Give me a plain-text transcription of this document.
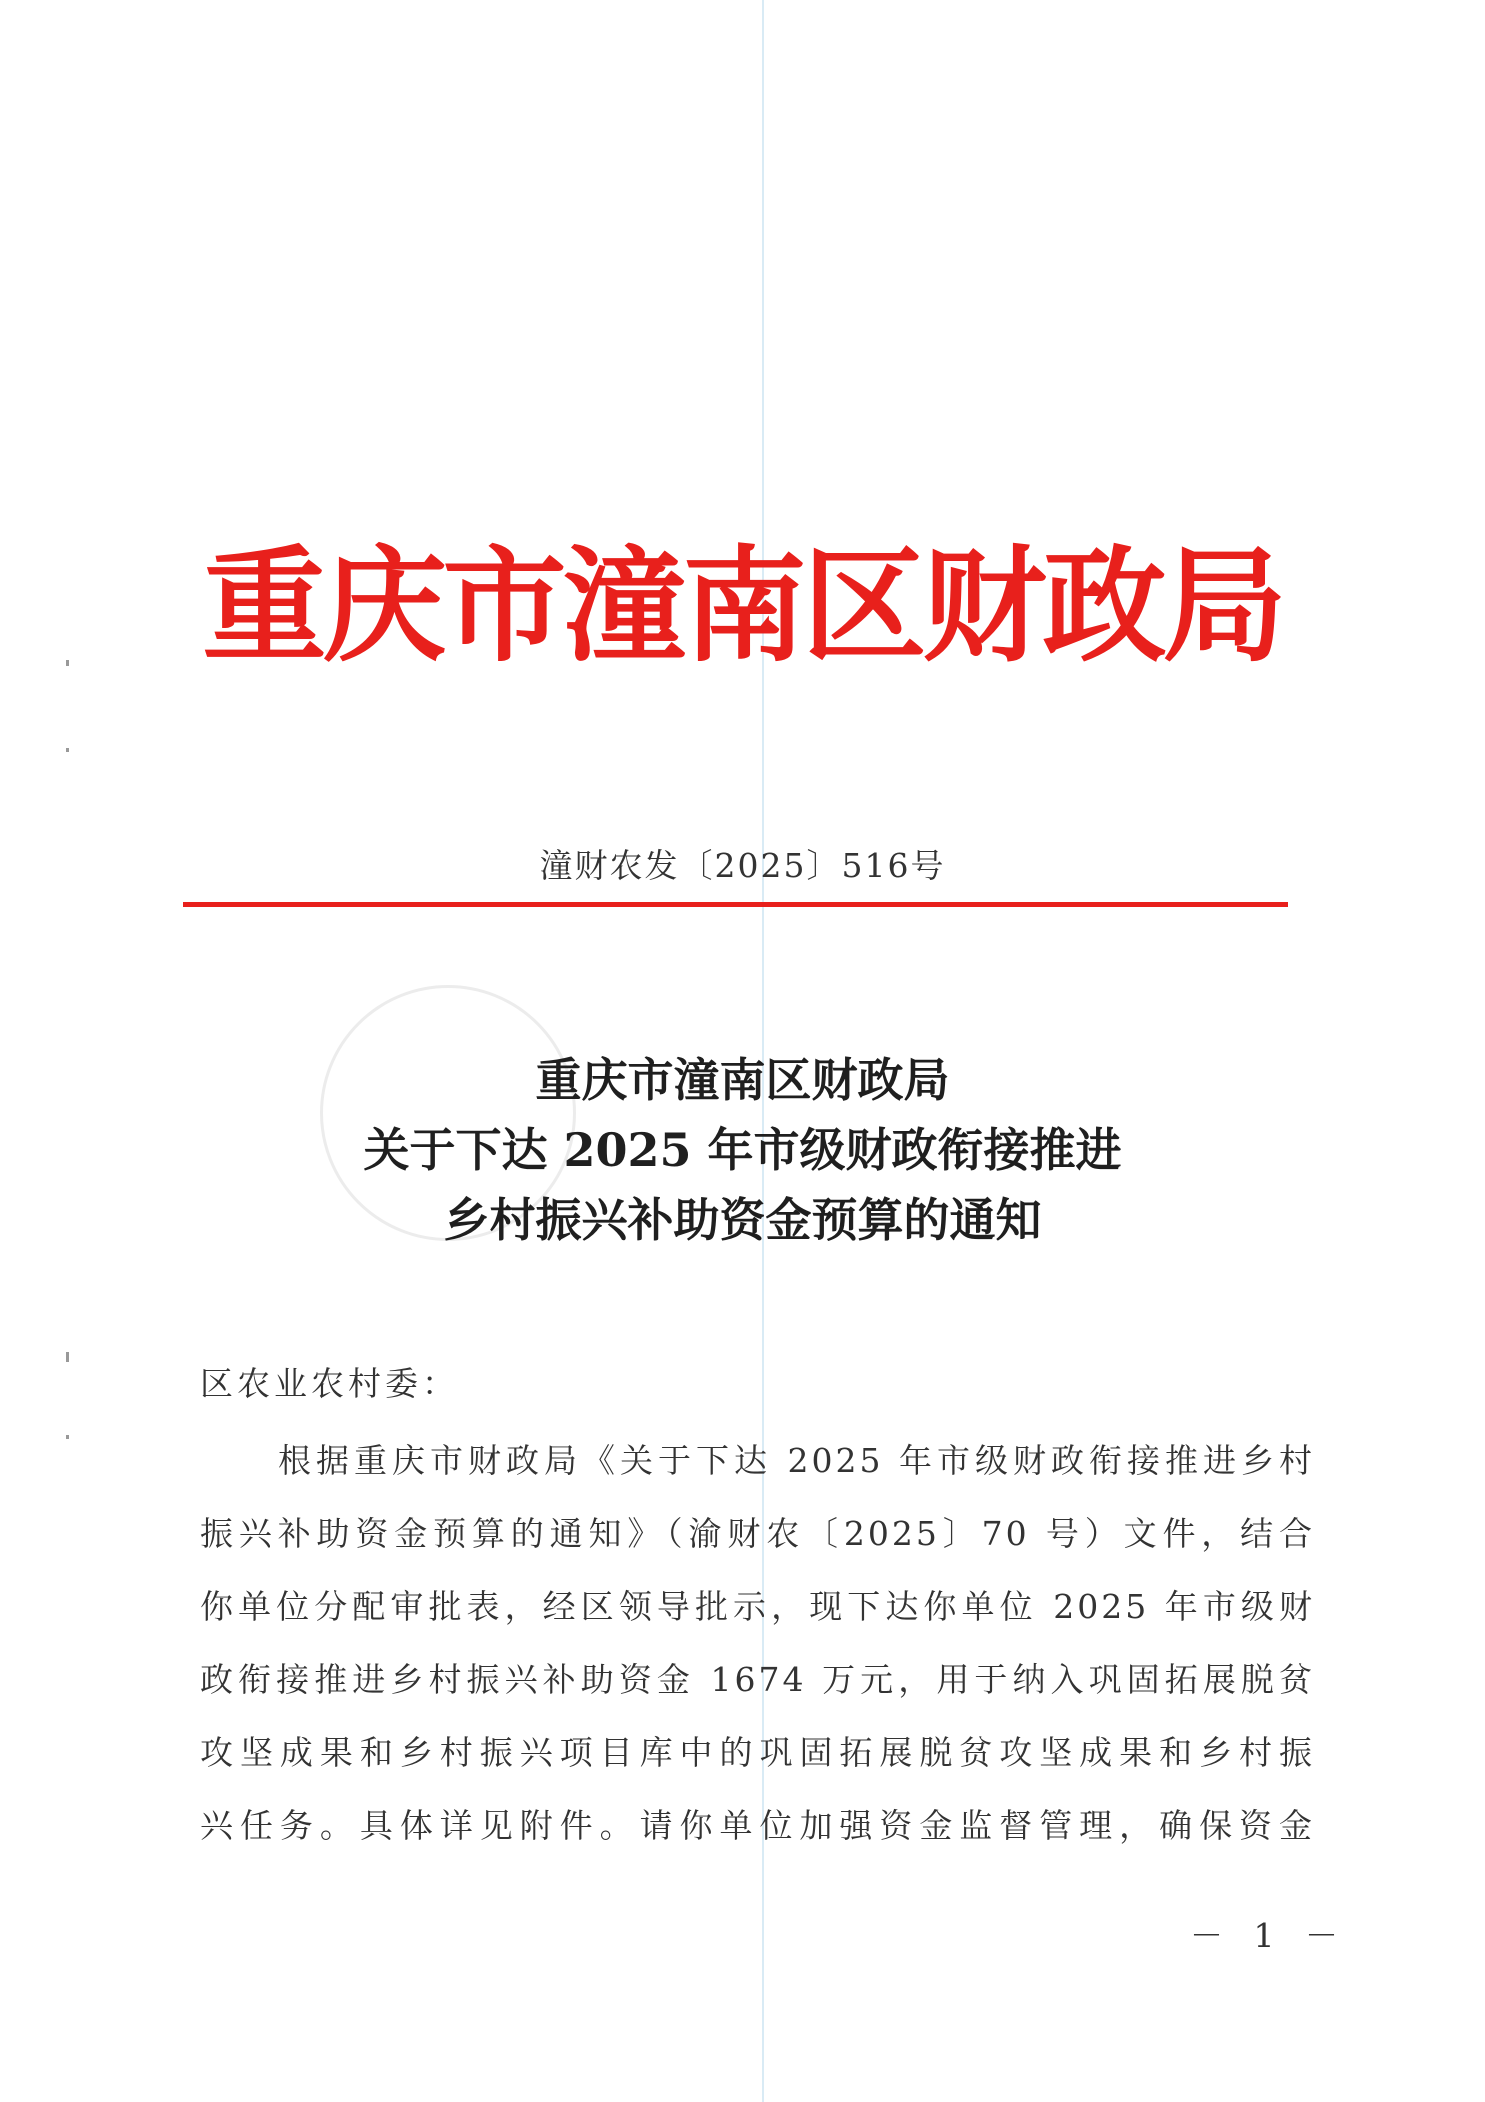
重庆市潼南区财政局
潼财农发〔2025〕516号
重庆市潼南区财政局
关于下达 2025 年市级财政衔接推进
乡村振兴补助资金预算的通知
区农业农村委：
根据重庆市财政局《关于下达 2025 年市级财政衔接推进乡村
振兴补助资金预算的通知》（渝财农〔2025〕70 号）文件，结合
你单位分配审批表，经区领导批示，现下达你单位 2025 年市级财
政衔接推进乡村振兴补助资金 1674 万元，用于纳入巩固拓展脱贫
攻坚成果和乡村振兴项目库中的巩固拓展脱贫攻坚成果和乡村振
兴任务。具体详见附件。请你单位加强资金监督管理，确保资金
－ 1 －
